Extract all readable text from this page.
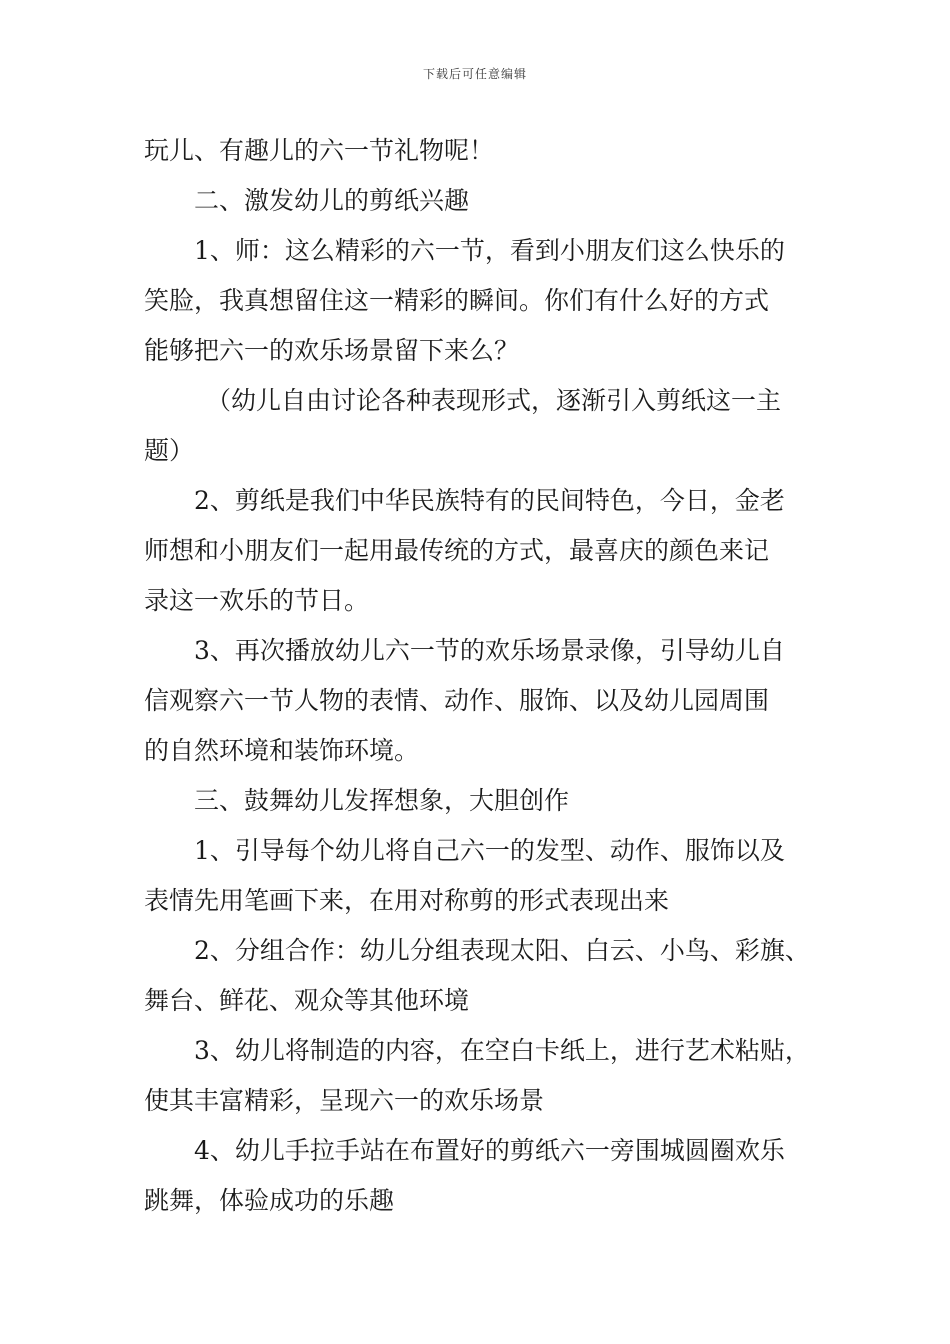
下载后可任意编辑
玩儿、有趣儿的六一节礼物呢！
二、激发幼儿的剪纸兴趣
1、师：这么精彩的六一节，看到小朋友们这么快乐的
笑脸，我真想留住这一精彩的瞬间。你们有什么好的方式
能够把六一的欢乐场景留下来么？
（幼儿自由讨论各种表现形式，逐渐引入剪纸这一主
题）
2、剪纸是我们中华民族特有的民间特色，今日，金老
师想和小朋友们一起用最传统的方式，最喜庆的颜色来记
录这一欢乐的节日。
3、再次播放幼儿六一节的欢乐场景录像，引导幼儿自
信观察六一节人物的表情、动作、服饰、以及幼儿园周围
的自然环境和装饰环境。
三、鼓舞幼儿发挥想象，大胆创作
1、引导每个幼儿将自己六一的发型、动作、服饰以及
表情先用笔画下来，在用对称剪的形式表现出来
2、分组合作：幼儿分组表现太阳、白云、小鸟、彩旗、
舞台、鲜花、观众等其他环境
3、幼儿将制造的内容，在空白卡纸上，进行艺术粘贴，
使其丰富精彩，呈现六一的欢乐场景
4、幼儿手拉手站在布置好的剪纸六一旁围城圆圈欢乐
跳舞，体验成功的乐趣
